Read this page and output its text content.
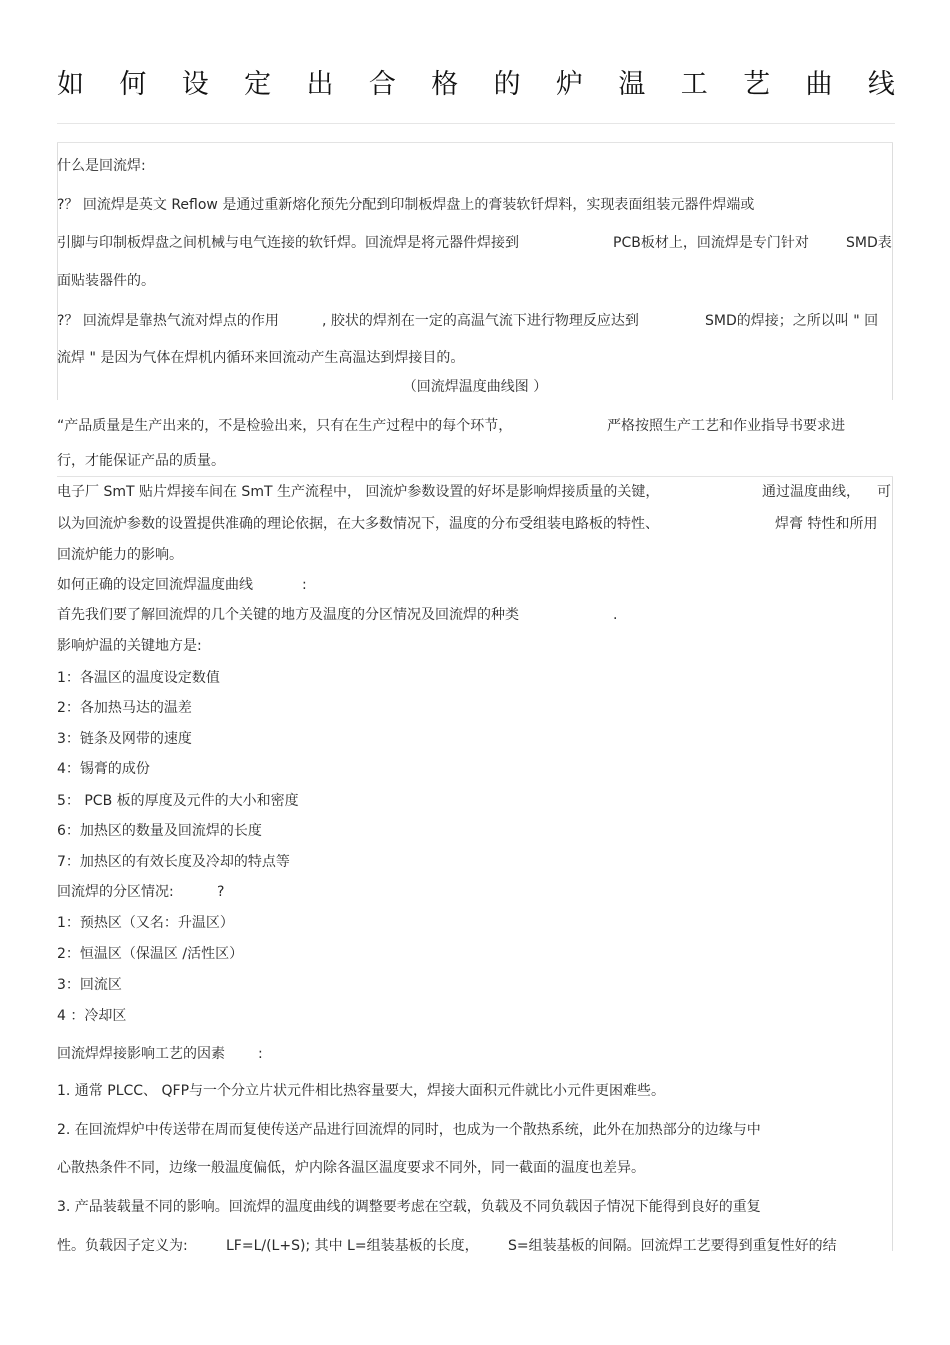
如 何 设 定 出 合 格 的 炉 温 工 艺 曲 线
什么是回流焊:
?？ 回流焊是英文 Reflow 是通过重新熔化预先分配到印制板焊盘上的膏装软钎焊料，实现表面组装元器件焊端或
引脚与印制板焊盘之间机械与电气连接的软钎焊。回流焊是将元器件焊接到	PCB板材上，回流焊是专门针对	SMD表
面贴装器件的。
?？ 回流焊是靠热气流对焊点的作用	, 胶状的焊剂在一定的高温气流下进行物理反应达到	SMD的焊接；之所以叫 " 回
流焊 " 是因为气体在焊机内循环来回流动产生高温达到焊接目的。
（回流焊温度曲线图 ）
“产品质量是生产出来的，不是检验出来，只有在生产过程中的每个环节，	严格按照生产工艺和作业指导书要求进
行，才能保证产品的质量。
电子厂 SmT 贴片焊接车间在 SmT 生产流程中， 回流炉参数设置的好坏是影响焊接质量的关键，	通过温度曲线， 可
以为回流炉参数的设置提供准确的理论依据，在大多数情况下，温度的分布受组装电路板的特性、	焊膏 特性和所用
回流炉能力的影响。
如何正确的设定回流焊温度曲线	:
首先我们要了解回流焊的几个关键的地方及温度的分区情况及回流焊的种类	.
影响炉温的关键地方是:
1：各温区的温度设定数值
2：各加热马达的温差
3：链条及网带的速度
4：锡膏的成份
5： PCB 板的厚度及元件的大小和密度
6：加热区的数量及回流焊的长度
7：加热区的有效长度及冷却的特点等
回流焊的分区情况:	?
1：预热区（又名：升温区）
2：恒温区（保温区 /活性区）
3：回流区
4 ：冷却区
回流焊焊接影响工艺的因素 :
1. 通常 PLCC、 QFP与一个分立片状元件相比热容量要大，焊接大面积元件就比小元件更困难些。
2. 在回流焊炉中传送带在周而复使传送产品进行回流焊的同时，也成为一个散热系统，此外在加热部分的边缘与中
心散热条件不同，边缘一般温度偏低，炉内除各温区温度要求不同外，同一截面的温度也差异。
3. 产品装载量不同的影响。回流焊的温度曲线的调整要考虑在空载，负载及不同负载因子情况下能得到良好的重复
性。负载因子定义为:	LF=L/(L+S); 其中 L=组装基板的长度， S=组装基板的间隔。回流焊工艺要得到重复性好的结
